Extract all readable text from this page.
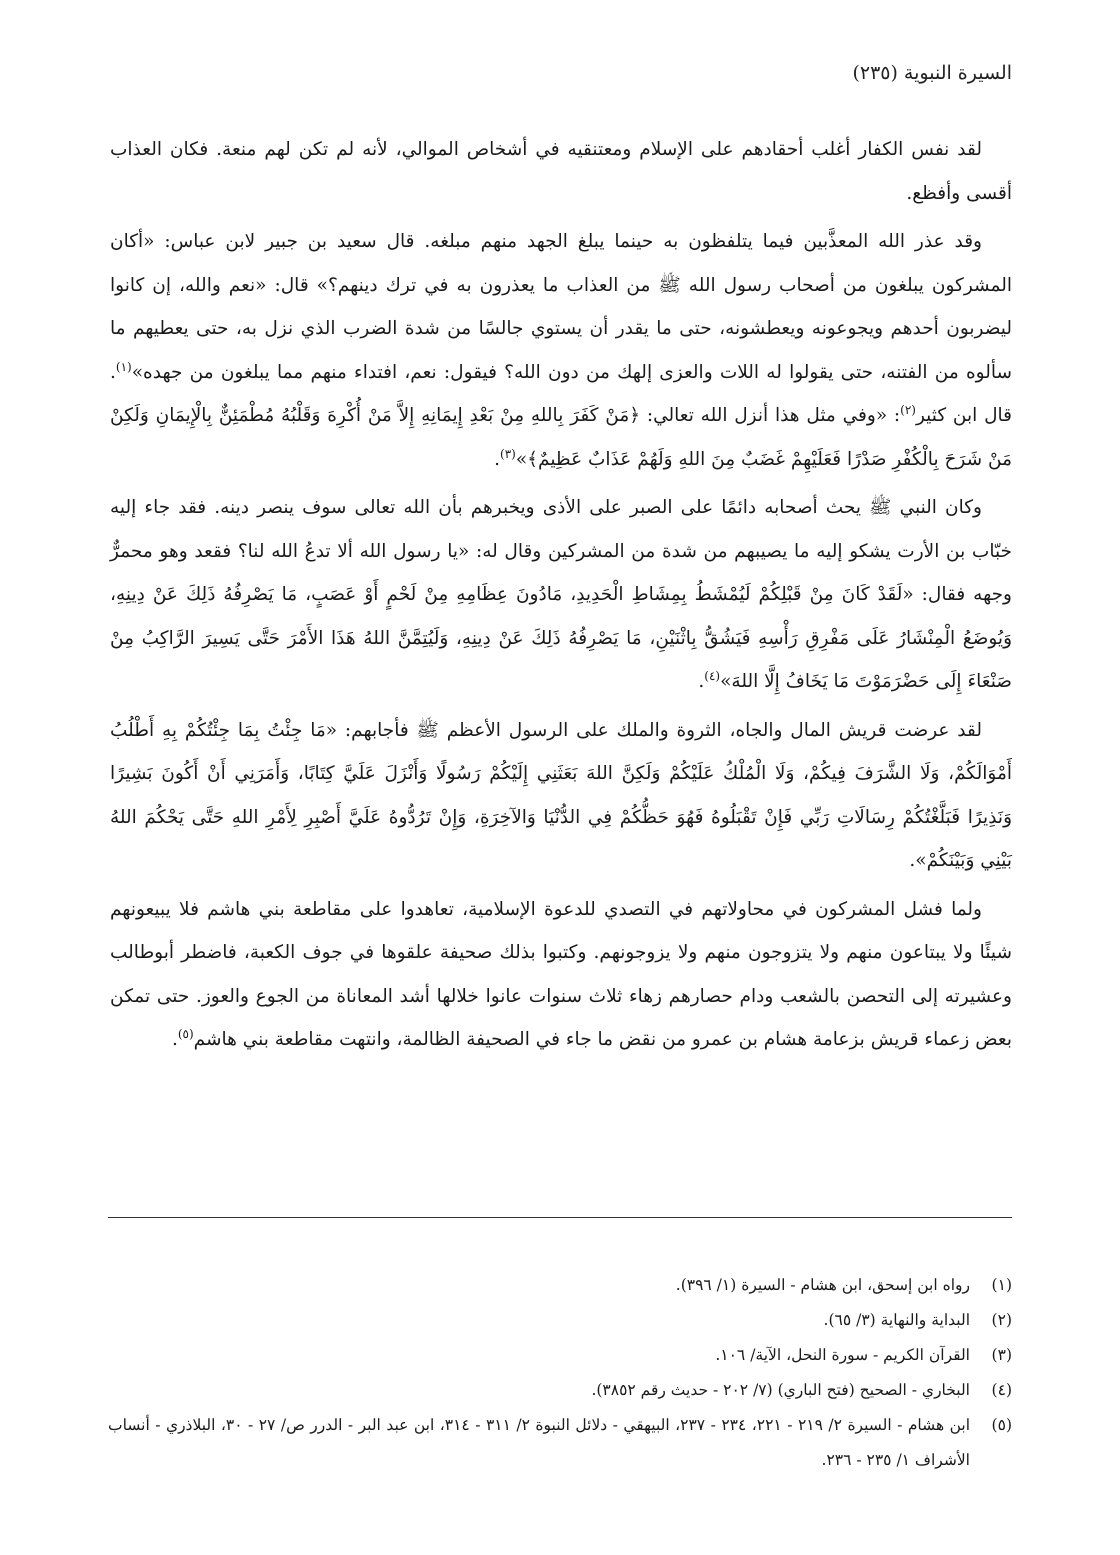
السيرة النبوية (٢٣٥)

لقد نفس الكفار أغلب أحقادهم على الإسلام ومعتنقيه في أشخاص الموالي، لأنه لم تكن لهم منعة. فكان العذاب أقسى وأفظع.

وقد عذر الله المعذَّبين فيما يتلفظون به حينما يبلغ الجهد منهم مبلغه. قال سعيد بن جبير لابن عباس: «أكان المشركون يبلغون من أصحاب رسول الله ﷺ من العذاب ما يعذرون به في ترك دينهم؟» قال: «نعم والله، إن كانوا ليضربون أحدهم ويجوعونه ويعطشونه، حتى ما يقدر أن يستوي جالسًا من شدة الضرب الذي نزل به، حتى يعطيهم ما سألوه من الفتنه، حتى يقولوا له اللات والعزى إلهك من دون الله؟ فيقول: نعم، افتداء منهم مما يبلغون من جهده»$^{(١)}$. قال ابن كثير$^{(٢)}$: «وفي مثل هذا أنزل الله تعالي: ﴿مَنْ كَفَرَ بِاللهِ مِنْ بَعْدِ إِيمَانِهِ إِلاَّ مَنْ أُكْرِهَ وَقَلْبُهُ مُطْمَئِنٌّ بِالْإِيمَانِ وَلَكِنْ مَنْ شَرَحَ بِالْكُفْرِ صَدْرًا فَعَلَيْهِمْ غَضَبٌ مِنَ اللهِ وَلَهُمْ عَذَابٌ عَظِيمٌ﴾»$^{(٣)}$.

وكان النبي ﷺ يحث أصحابه دائمًا على الصبر على الأذى ويخبرهم بأن الله تعالى سوف ينصر دينه. فقد جاء إليه خبّاب بن الأرت يشكو إليه ما يصيبهم من شدة من المشركين وقال له: «يا رسول الله ألا تدعُ الله لنا؟ فقعد وهو محمرٌّ وجهه فقال: «لَقَدْ كَانَ مِنْ قَبْلِكُمْ لَيُمْشَطُ بِمِشَاطِ الْحَدِيدِ، مَادُونَ عِظَامِهِ مِنْ لَحْمٍ أَوْ عَصَبٍ، مَا يَصْرِفُهُ ذَلِكَ عَنْ دِينِهِ، وَيُوضَعُ الْمِنْشَارُ عَلَى مَفْرِقِ رَأْسِهِ فَيَشُقُّ بِاثْنَيْنِ، مَا يَصْرِفُهُ ذَلِكَ عَنْ دِينِهِ، وَلَيُتِمَّنَّ اللهُ هَذَا الأَمْرَ حَتَّى يَسِيرَ الرَّاكِبُ مِنْ صَنْعَاءَ إِلَى حَضْرَمَوْتَ مَا يَخَافُ إِلَّا اللهَ»$^{(٤)}$.

لقد عرضت قريش المال والجاه، الثروة والملك على الرسول الأعظم ﷺ فأجابهم: «مَا جِئْتُ بِمَا جِئْتُكُمْ بِهِ أَطْلُبُ أَمْوَالَكُمْ، وَلَا الشَّرَفَ فِيكُمْ، وَلَا الْمُلْكُ عَلَيْكُمْ وَلَكِنَّ اللهَ بَعَثَنِي إِلَيْكُمْ رَسُولًا وَأَنْزَلَ عَلَيَّ كِتَابًا، وَأَمَرَنِي أَنْ أَكُونَ بَشِيرًا وَنَذِيرًا فَبَلَّغْتُكُمْ رِسَالَاتِ رَبِّي فَإِنْ تَقْبَلُوهُ فَهُوَ حَظُّكُمْ فِي الدُّنْيَا وَالآخِرَةِ، وَإِنْ تَرُدُّوهُ عَلَيَّ أَصْبِرِ لِأَمْرِ اللهِ حَتَّى يَحْكُمَ اللهُ بَيْنِي وَبَيْنَكُمْ».

ولما فشل المشركون في محاولاتهم في التصدي للدعوة الإسلامية، تعاهدوا على مقاطعة بني هاشم فلا يبيعونهم شيئًا ولا يبتاعون منهم ولا يتزوجون منهم ولا يزوجونهم. وكتبوا بذلك صحيفة علقوها في جوف الكعبة، فاضطر أبوطالب وعشيرته إلى التحصن بالشعب ودام حصارهم زهاء ثلاث سنوات عانوا خلالها أشد المعاناة من الجوع والعوز. حتى تمكن بعض زعماء قريش بزعامة هشام بن عمرو من نقض ما جاء في الصحيفة الظالمة، وانتهت مقاطعة بني هاشم$^{(٥)}$.

(١)
رواه ابن إسحق، ابن هشام - السيرة (١/ ٣٩٦).
(٢)
البداية والنهاية (٣/ ٦٥).
(٣)
القرآن الكريم - سورة النحل، الآية/ ١٠٦.
(٤)
البخاري - الصحيح (فتح الباري) (٧/ ٢٠٢ - حديث رقم ٣٨٥٢).
(٥)
ابن هشام - السيرة ٢/ ٢١٩ - ٢٢١، ٢٣٤ - ٢٣٧، البيهقي - دلائل النبوة ٢/ ٣١١ - ٣١٤، ابن عبد البر - الدرر ص/ ٢٧ - ٣٠، البلاذري - أنساب الأشراف ١/ ٢٣٥ - ٢٣٦.
